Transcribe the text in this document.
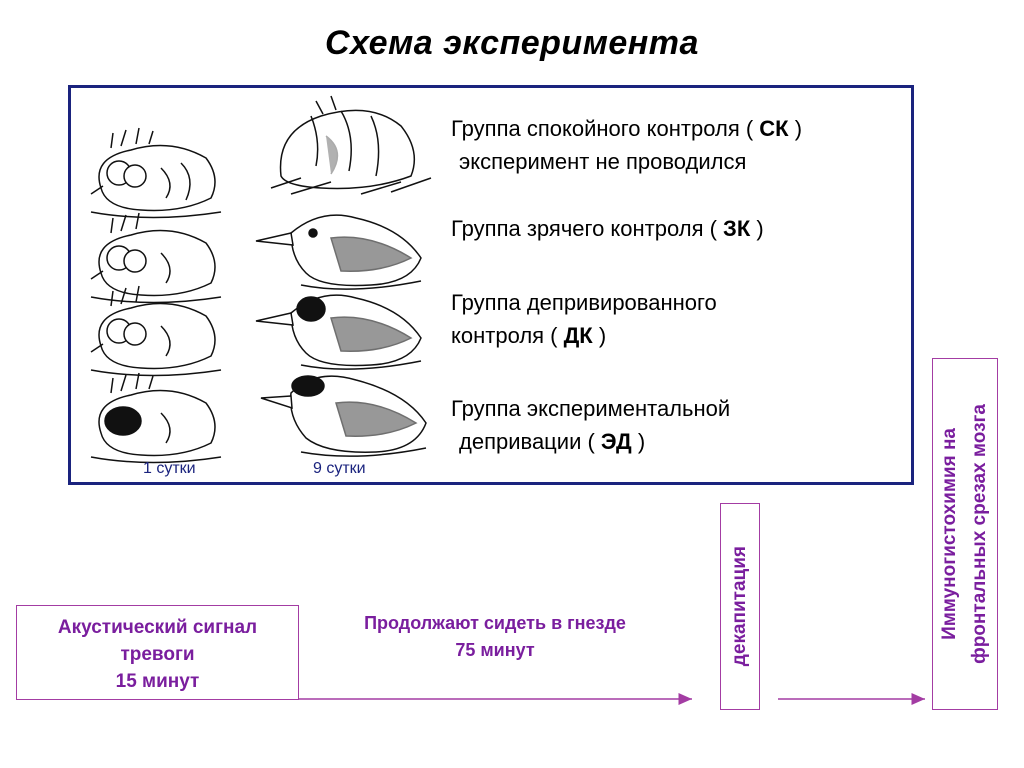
Схема эксперимента
Группа спокойного контроля ( СК )
эксперимент не проводился
Группа зрячего контроля ( ЗК )
Группа депривированного
контроля ( ДК )
Группа экспериментальной
депривации ( ЭД )
1 сутки	9 сутки
Акустический сигнал
тревоги
15 минут
Продолжают сидеть в гнезде
75 минут	декапитация	Иммуногистохимия на фронтальных срезах мозга
